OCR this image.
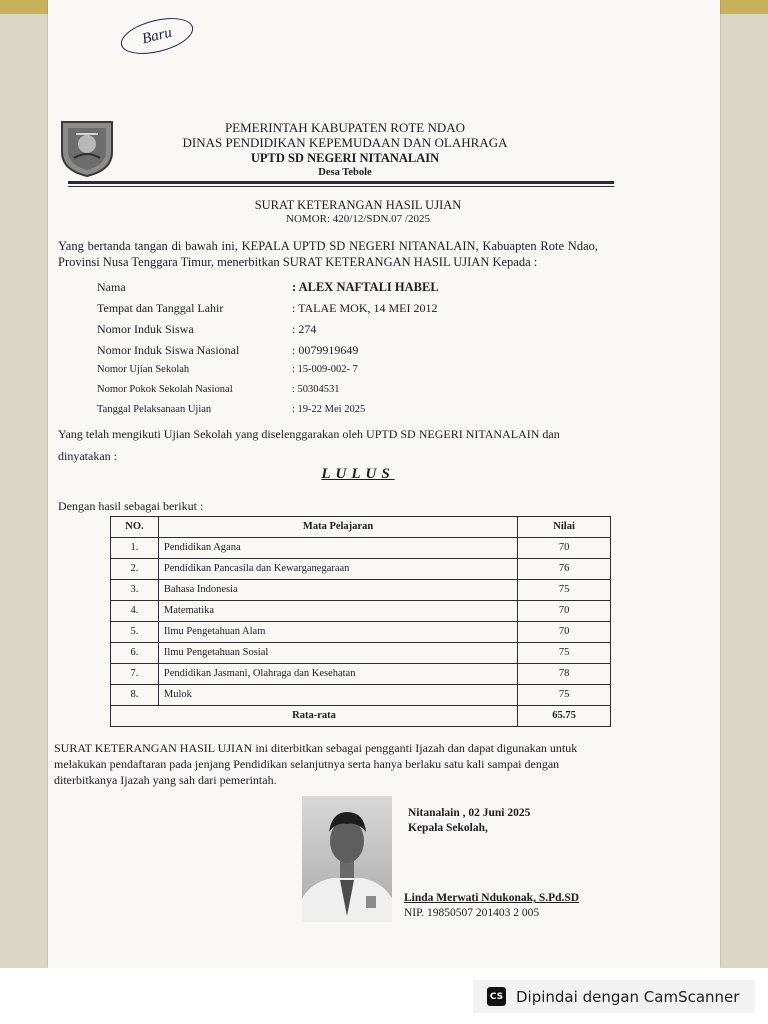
Baru
PEMERINTAH KABUPATEN ROTE NDAO
DINAS PENDIDIKAN KEPEMUDAAN DAN OLAHRAGA
UPTD SD NEGERI NITANALAIN
Desa Tebole
SURAT KETERANGAN HASIL UJIAN
NOMOR: 420/12/SDN.07 /2025
Yang bertanda tangan di bawah ini, KEPALA UPTD SD NEGERI NITANALAIN, Kabuapten Rote Ndao, Provinsi Nusa Tenggara Timur, menerbitkan SURAT KETERANGAN HASIL UJIAN Kepada :
Nama	: ALEX NAFTALI HABEL
Tempat dan Tanggal Lahir	: TALAE MOK, 14 MEI 2012
Nomor Induk Siswa	: 274
Nomor Induk Siswa Nasional	: 0079919649
Nomor Ujian Sekolah	: 15-009-002- 7
Nomor Pokok Sekolah Nasional	: 50304531
Tanggal Pelaksanaan Ujian	: 19-22 Mei 2025
Yang telah mengikuti Ujian Sekolah yang diselenggarakan oleh UPTD SD NEGERI NITANALAIN dan
dinyatakan :
LULUS
Dengan hasil sebagai berikut :
NO.	Mata Pelajaran	Nilai
1.	Pendidikan Agana	70
2.	Pendidikan Pancasila dan Kewarganegaraan	76
3.	Bahasa Indonesia	75
4.	Matematika	70
5.	Ilmu Pengetahuan Alam	70
6.	Ilmu Pengetahuan Sosial	75
7.	Pendidikan Jasmani, Olahraga dan Kesehatan	78
8.	Mulok	75
Rata-rata	65.75
SURAT KETERANGAN HASIL UJIAN ini diterbitkan sebagai pengganti Ijazah dan dapat digunakan untuk melakukan pendaftaran pada jenjang Pendidikan selanjutnya serta hanya berlaku satu kali sampai dengan diterbitkanya Ijazah yang sah dari pemerintah.
Nitanalain , 02 Juni 2025
Kepala Sekolah,
Linda Merwati Ndukonak, S.Pd.SD
NIP. 19850507 201403 2 005
CS Dipindai dengan CamScanner
